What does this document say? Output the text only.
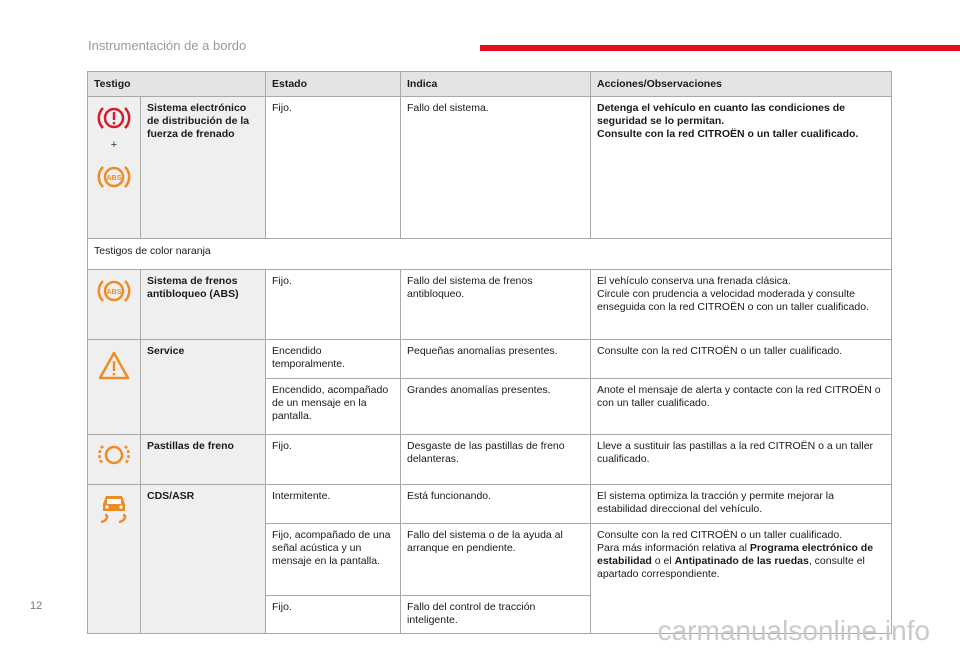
Instrumentación de a bordo
Testigo		Estado	Indica	Acciones/Observaciones

+
ABS	Sistema electrónico de distribución de la fuerza de frenado	Fijo.	Fallo del sistema.	Detenga el vehículo en cuanto las condiciones de seguridad se lo permitan.
Consulte con la red CITROËN o un taller cualificado.
Testigos de color naranja				

ABS	Sistema de frenos antibloqueo (ABS)	Fijo.	Fallo del sistema de frenos antibloqueo.	El vehículo conserva una frenada clásica.
Circule con prudencia a velocidad moderada y consulte enseguida con la red CITROËN o con un taller cualificado.

	Service	Encendido temporalmente.	Pequeñas anomalías presentes.	Consulte con la red CITROËN o un taller cualificado.
		Encendido, acompañado de un mensaje en la pantalla.	Grandes anomalías presentes.	Anote el mensaje de alerta y contacte con la red CITROËN o con un taller cualificado.

	Pastillas de freno	Fijo.	Desgaste de las pastillas de freno delanteras.	Lleve a sustituir las pastillas a la red CITROËN o a un taller cualificado.

	CDS/ASR	Intermitente.	Está funcionando.	El sistema optimiza la tracción y permite mejorar la estabilidad direccional del vehículo.
		Fijo, acompañado de una señal acústica y un mensaje en la pantalla.	Fallo del sistema o de la ayuda al arranque en pendiente.	Consulte con la red CITROËN o un taller cualificado.
Para más información relativa al Programa electrónico de estabilidad o el Antipatinado de las ruedas, consulte el apartado correspondiente.
		Fijo.	Fallo del control de tracción inteligente.	
12
carmanualsonline.info
